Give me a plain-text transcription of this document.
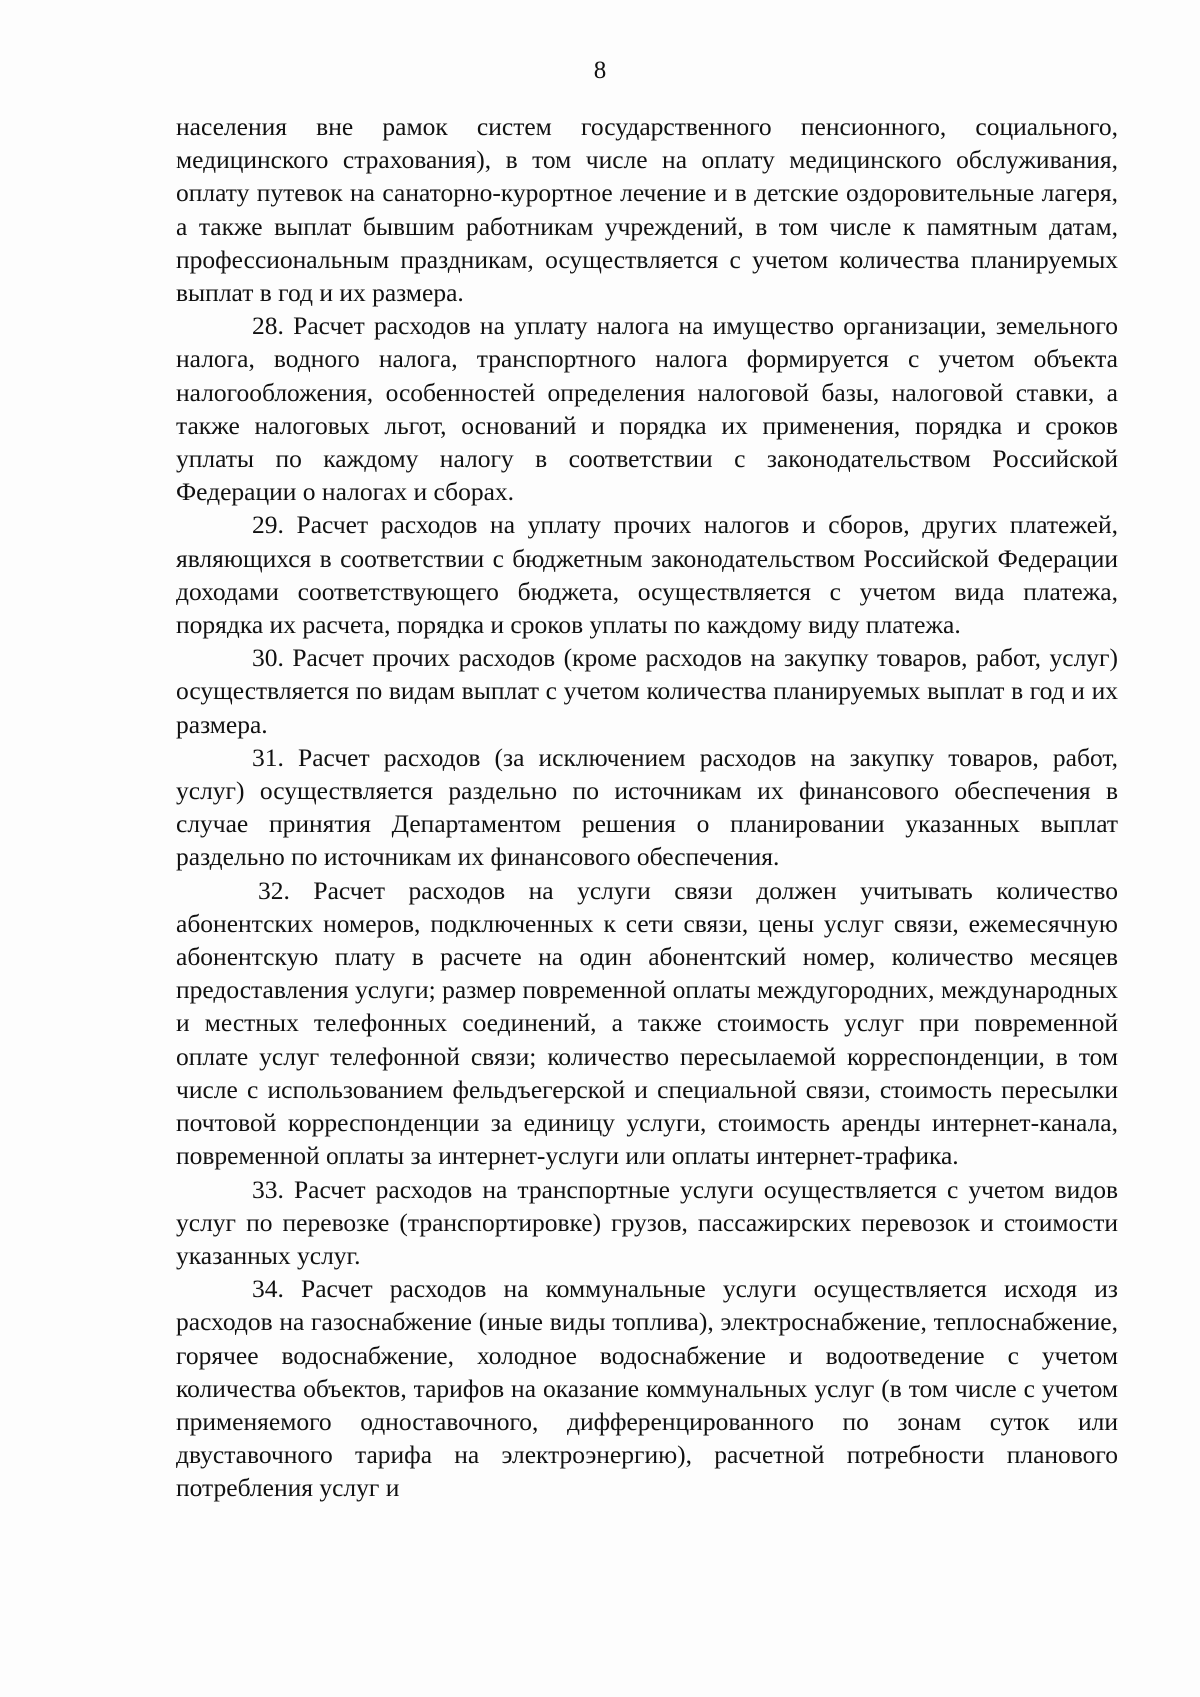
8

населения вне рамок систем государственного пенсионного, социального, медицинского страхования), в том числе на оплату медицинского обслуживания, оплату путевок на санаторно-курортное лечение и в детские оздоровительные лагеря, а также выплат бывшим работникам учреждений, в том числе к памятным датам, профессиональным праздникам, осуществляется с учетом количества планируемых выплат в год и их размера.

28. Расчет расходов на уплату налога на имущество организации, земельного налога, водного налога, транспортного налога формируется с учетом объекта налогообложения, особенностей определения налоговой базы, налоговой ставки, а также налоговых льгот, оснований и порядка их применения, порядка и сроков уплаты по каждому налогу в соответствии с законодательством Российской Федерации о налогах и сборах.

29. Расчет расходов на уплату прочих налогов и сборов, других платежей, являющихся в соответствии с бюджетным законодательством Российской Федерации доходами соответствующего бюджета, осуществляется с учетом вида платежа, порядка их расчета, порядка и сроков уплаты по каждому виду платежа.

30. Расчет прочих расходов (кроме расходов на закупку товаров, работ, услуг) осуществляется по видам выплат с учетом количества планируемых выплат в год и их размера.

31. Расчет расходов (за исключением расходов на закупку товаров, работ, услуг) осуществляется раздельно по источникам их финансового обеспечения в случае принятия Департаментом решения о планировании указанных выплат раздельно по источникам их финансового обеспечения.

32. Расчет расходов на услуги связи должен учитывать количество абонентских номеров, подключенных к сети связи, цены услуг связи, ежемесячную абонентскую плату в расчете на один абонентский номер, количество месяцев предоставления услуги; размер повременной оплаты междугородних, международных и местных телефонных соединений, а также стоимость услуг при повременной оплате услуг телефонной связи; количество пересылаемой корреспонденции, в том числе с использованием фельдъегерской и специальной связи, стоимость пересылки почтовой корреспонденции за единицу услуги, стоимость аренды интернет-канала, повременной оплаты за интернет-услуги или оплаты интернет-трафика.

33. Расчет расходов на транспортные услуги осуществляется с учетом видов услуг по перевозке (транспортировке) грузов, пассажирских перевозок и стоимости указанных услуг.

34. Расчет расходов на коммунальные услуги осуществляется исходя из расходов на газоснабжение (иные виды топлива), электроснабжение, теплоснабжение, горячее водоснабжение, холодное водоснабжение и водоотведение с учетом количества объектов, тарифов на оказание коммунальных услуг (в том числе с учетом применяемого одноставочного, дифференцированного по зонам суток или двуставочного тарифа на электроэнергию), расчетной потребности планового потребления услуг и
